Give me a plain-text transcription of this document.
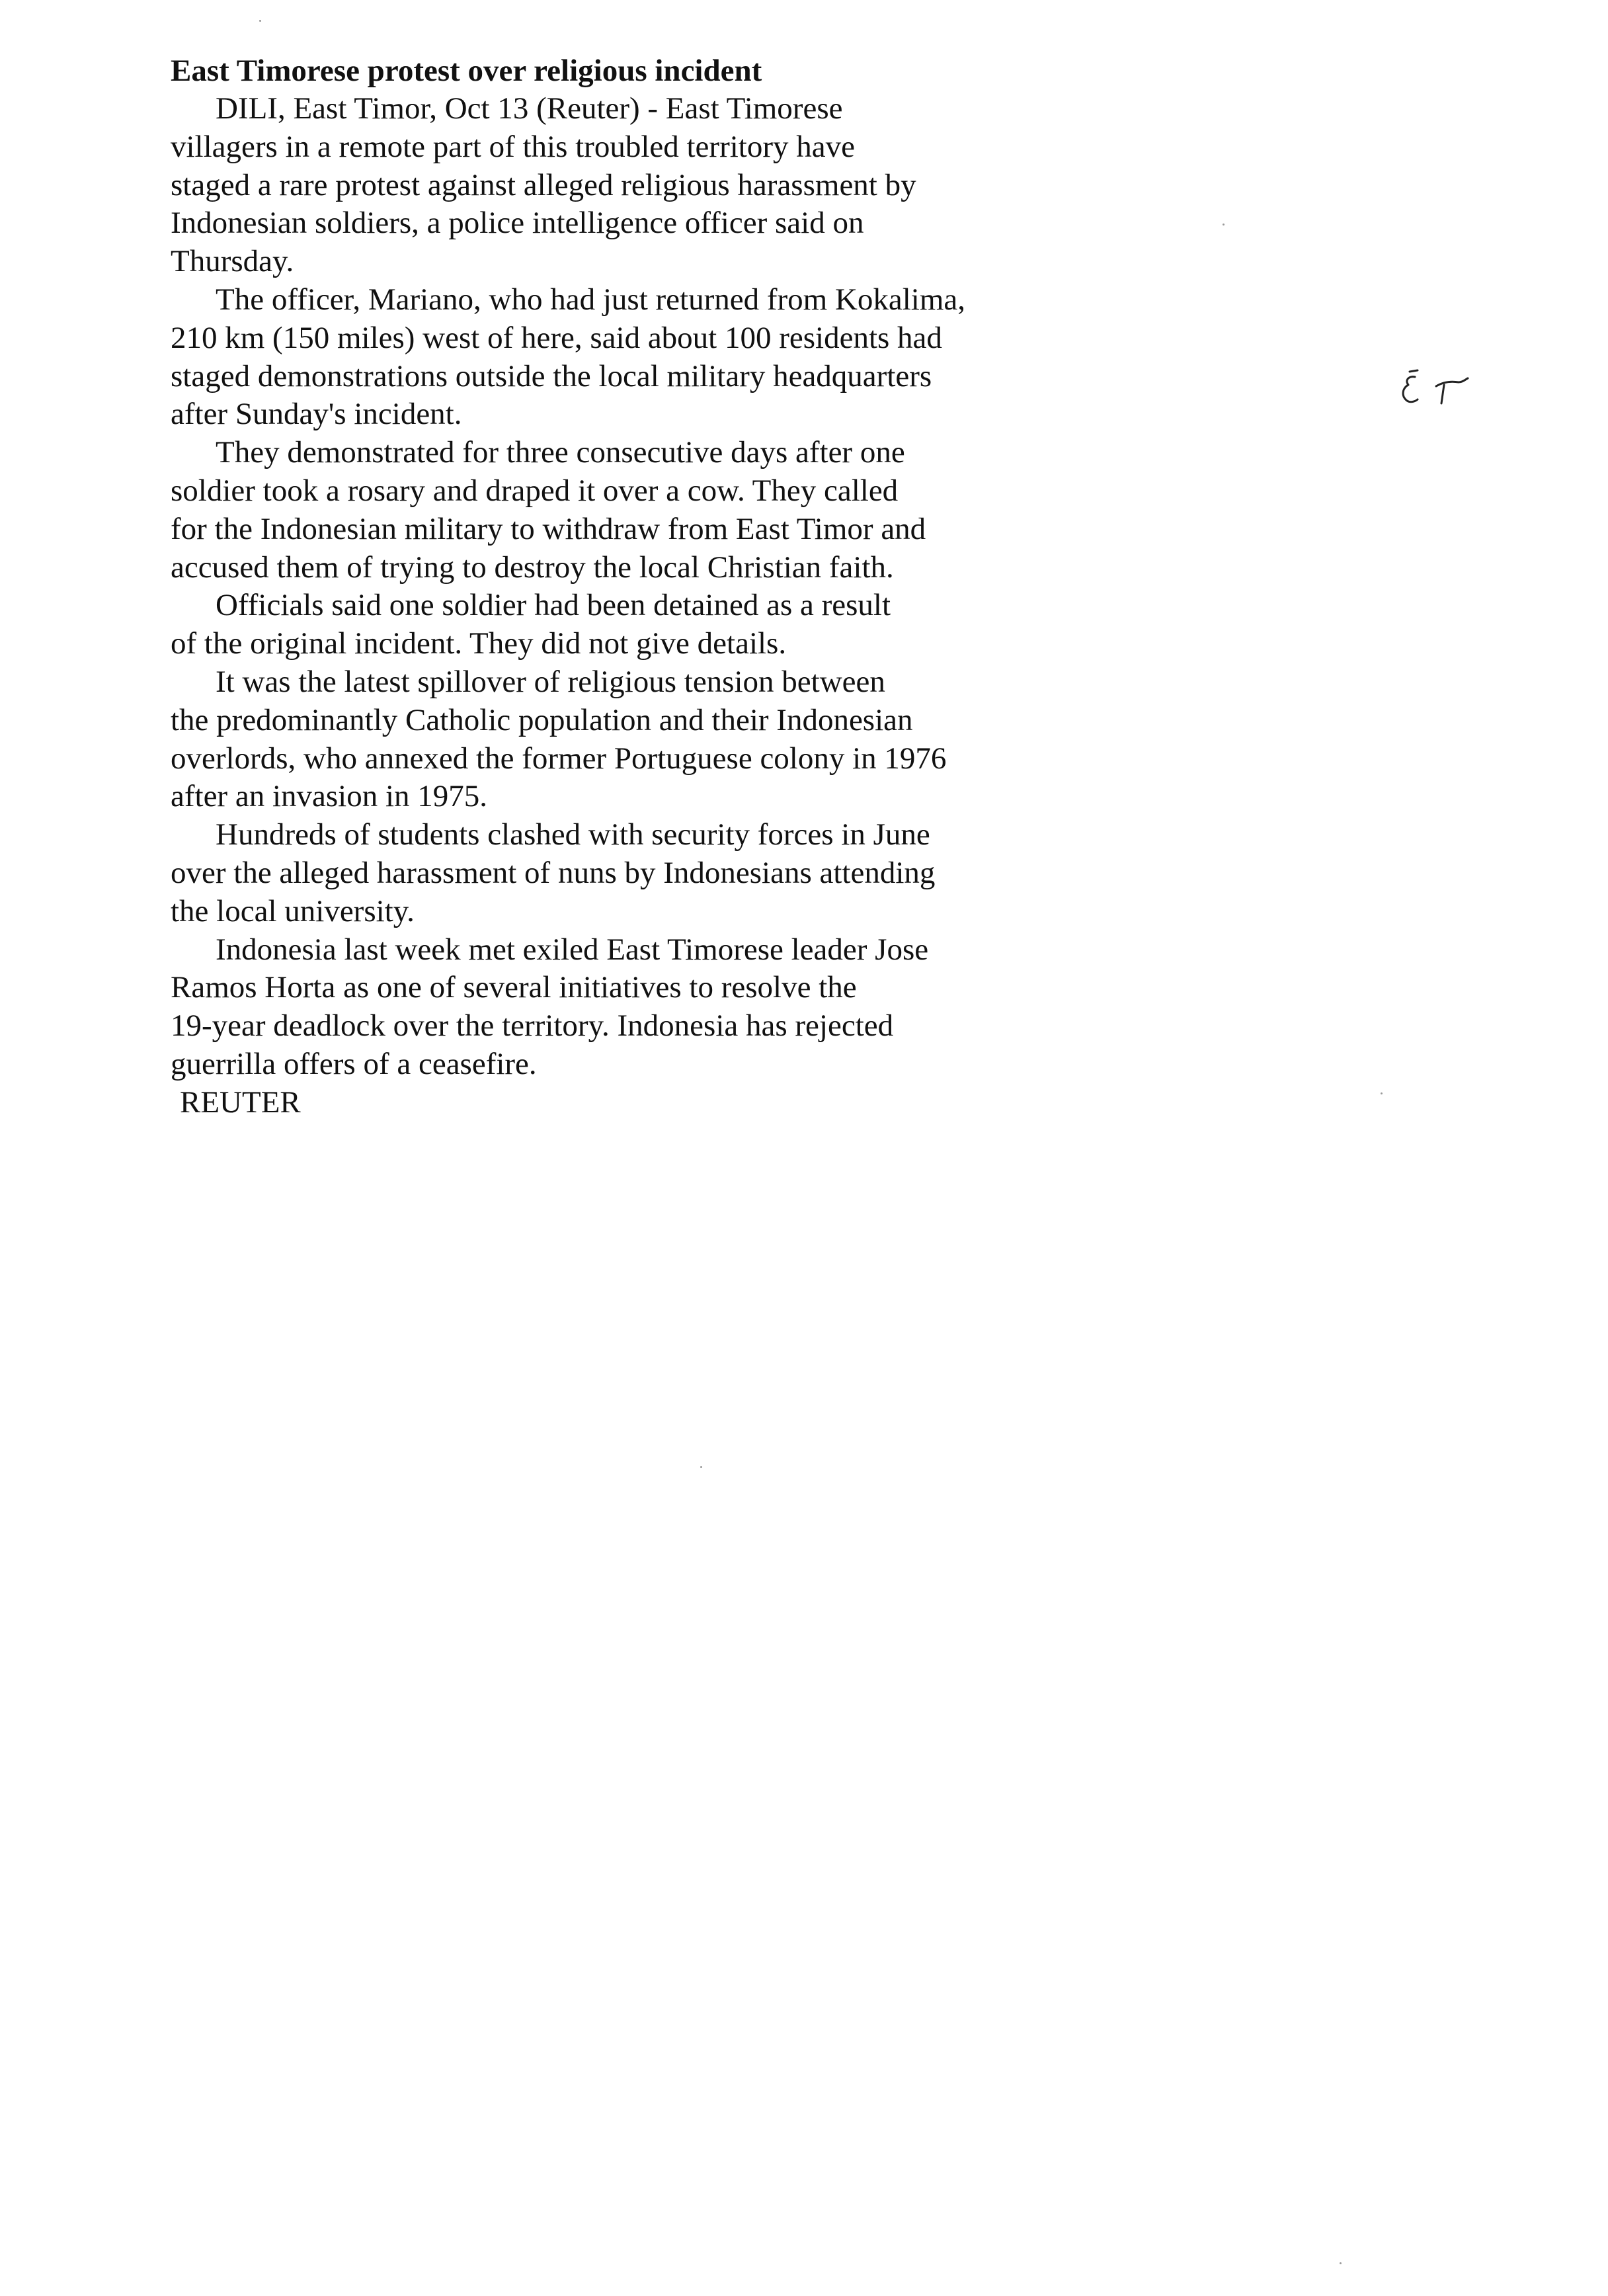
East Timorese protest over religious incident
DILI, East Timor, Oct 13 (Reuter) - East Timorese
villagers in a remote part of this troubled territory have
staged a rare protest against alleged religious harassment by
Indonesian soldiers, a police intelligence officer said on
Thursday.
The officer, Mariano, who had just returned from Kokalima,
210 km (150 miles) west of here, said about 100 residents had
staged demonstrations outside the local military headquarters
after Sunday's incident.
They demonstrated for three consecutive days after one
soldier took a rosary and draped it over a cow. They called
for the Indonesian military to withdraw from East Timor and
accused them of trying to destroy the local Christian faith.
Officials said one soldier had been detained as a result
of the original incident. They did not give details.
It was the latest spillover of religious tension between
the predominantly Catholic population and their Indonesian
overlords, who annexed the former Portuguese colony in 1976
after an invasion in 1975.
Hundreds of students clashed with security forces in June
over the alleged harassment of nuns by Indonesians attending
the local university.
Indonesia last week met exiled East Timorese leader Jose
Ramos Horta as one of several initiatives to resolve the
19-year deadlock over the territory. Indonesia has rejected
guerrilla offers of a ceasefire.
REUTER
